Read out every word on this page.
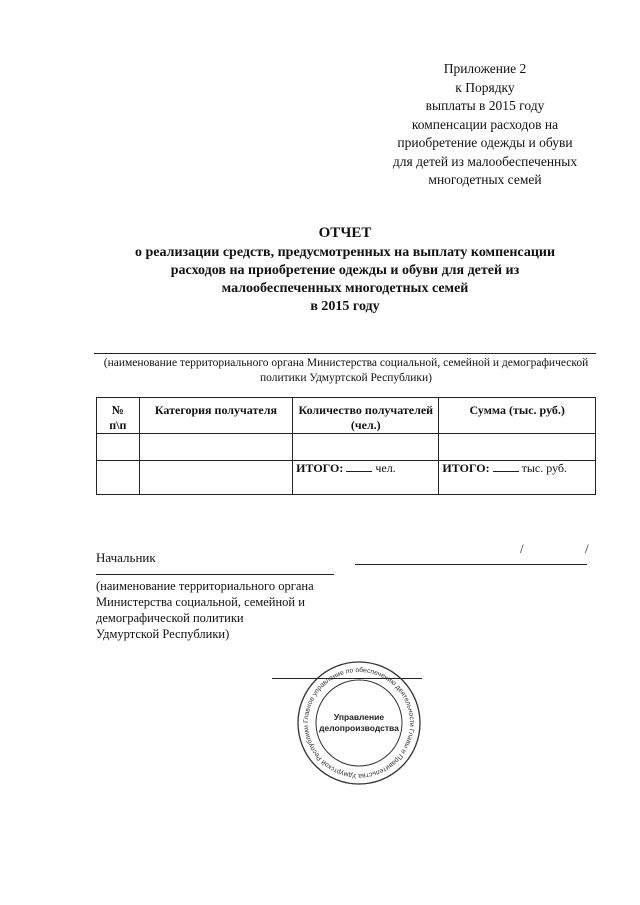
Приложение 2
к Порядку
выплаты в 2015 году
компенсации расходов на
приобретение одежды и обуви
для детей из малообеспеченных
многодетных семей
ОТЧЕТ
о реализации средств, предусмотренных на выплату компенсации
расходов на приобретение одежды и обуви для детей из
малообеспеченных многодетных семей
в 2015 году
(наименование территориального органа Министерства социальной, семейной и демографической
политики Удмуртской Республики)
№
п\п	Категория получателя	Количество получателей (чел.)	Сумма (тыс. руб.)

		ИТОГО: чел.	ИТОГО: тыс. руб.
Начальник
/	/
(наименование территориального органа
Министерства социальной, семейной и
демографической политики
Удмуртской Республики)
Главное управление по обеспечению деятельности Главы и Правительства Удмуртской Республики
Управление
делопроизводства
